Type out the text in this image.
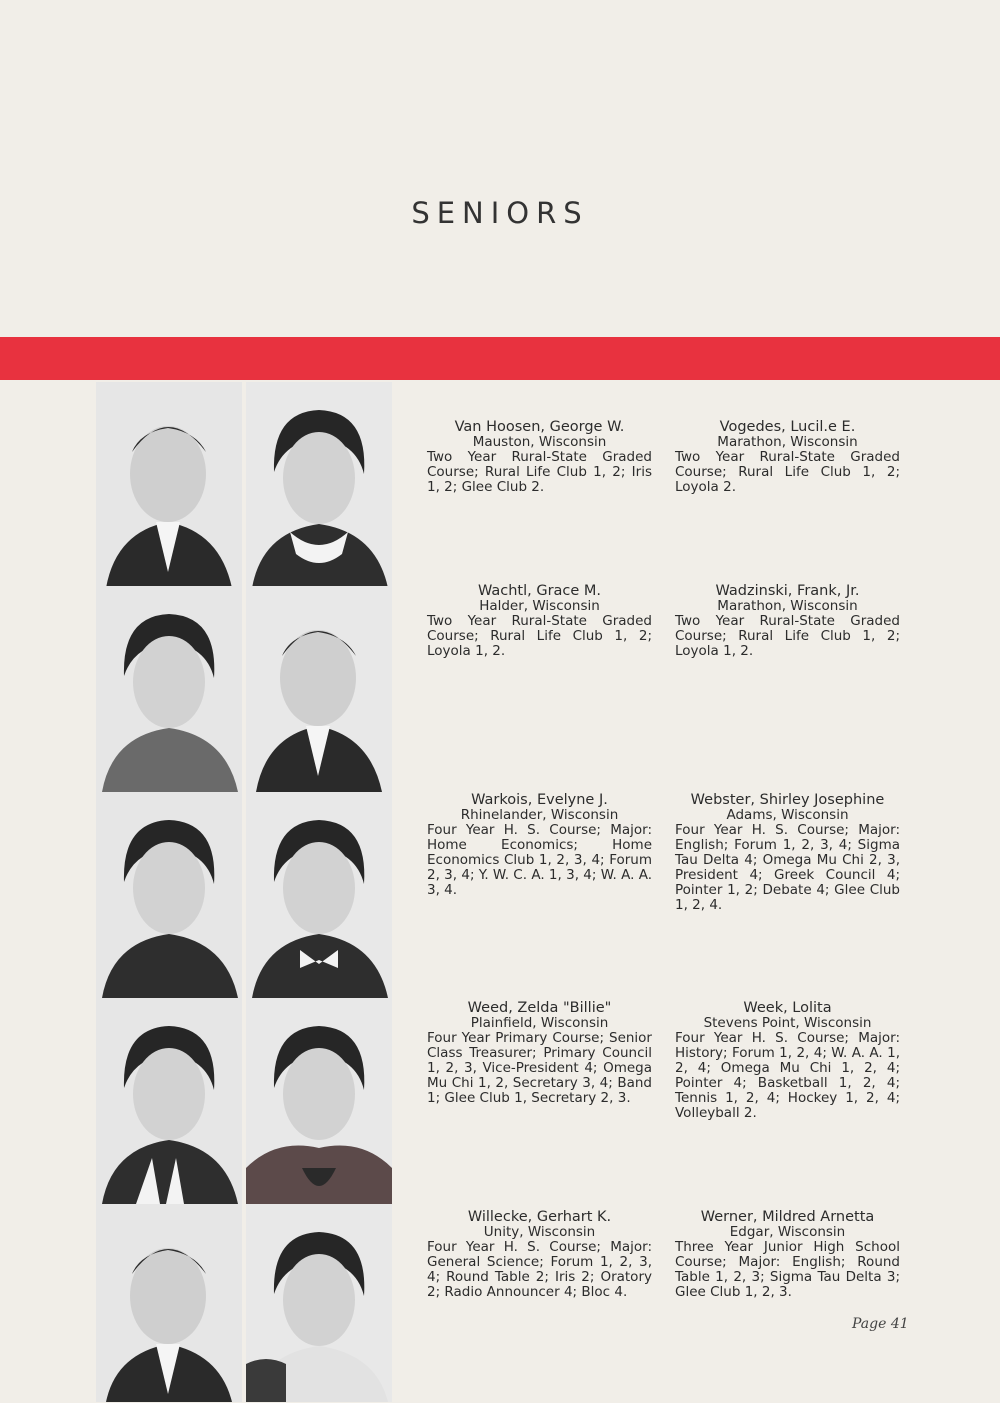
SENIORS
Van Hoosen, George W.
Mauston, Wisconsin
Two Year Rural-State Graded Course; Rural Life Club 1, 2; Iris 1, 2; Glee Club 2.
Vogedes, Lucil.e E.
Marathon, Wisconsin
Two Year Rural-State Graded Course; Rural Life Club 1, 2; Loyola 2.
Wachtl, Grace M.
Halder, Wisconsin
Two Year Rural-State Graded Course; Rural Life Club 1, 2; Loyola 1, 2.
Wadzinski, Frank, Jr.
Marathon, Wisconsin
Two Year Rural-State Graded Course; Rural Life Club 1, 2; Loyola 1, 2.
Warkois, Evelyne J.
Rhinelander, Wisconsin
Four Year H. S. Course; Major: Home Economics; Home Economics Club 1, 2, 3, 4; Forum 2, 3, 4; Y. W. C. A. 1, 3, 4; W. A. A. 3, 4.
Webster, Shirley Josephine
Adams, Wisconsin
Four Year H. S. Course; Major: English; Forum 1, 2, 3, 4; Sigma Tau Delta 4; Omega Mu Chi 2, 3, President 4; Greek Council 4; Pointer 1, 2; Debate 4; Glee Club 1, 2, 4.
Weed, Zelda "Billie"
Plainfield, Wisconsin
Four Year Primary Course; Senior Class Treasurer; Primary Council 1, 2, 3, Vice-President 4; Omega Mu Chi 1, 2, Secretary 3, 4; Band 1; Glee Club 1, Secretary 2, 3.
Week, Lolita
Stevens Point, Wisconsin
Four Year H. S. Course; Major: History; Forum 1, 2, 4; W. A. A. 1, 2, 4; Omega Mu Chi 1, 2, 4; Pointer 4; Basketball 1, 2, 4; Tennis 1, 2, 4; Hockey 1, 2, 4; Volleyball 2.
Willecke, Gerhart K.
Unity, Wisconsin
Four Year H. S. Course; Major: General Science; Forum 1, 2, 3, 4; Round Table 2; Iris 2; Oratory 2; Radio Announcer 4; Bloc 4.
Werner, Mildred Arnetta
Edgar, Wisconsin
Three Year Junior High School Course; Major: English; Round Table 1, 2, 3; Sigma Tau Delta 3; Glee Club 1, 2, 3.
Page 41
